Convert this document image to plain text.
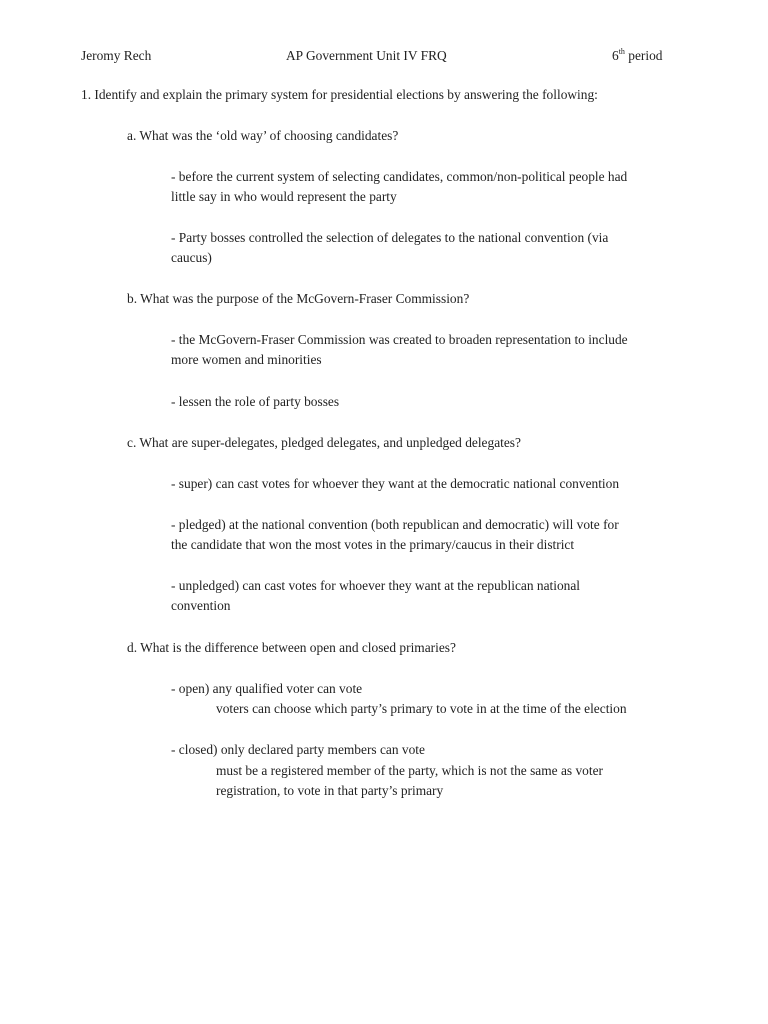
Jeromy Rech	AP Government Unit IV FRQ	6th period
1. Identify and explain the primary system for presidential elections by answering the following:
a. What was the ‘old way’ of choosing candidates?
- before the current system of selecting candidates, common/non-political people had
little say in who would represent the party
- Party bosses controlled the selection of delegates to the national convention (via
caucus)
b. What was the purpose of the McGovern-Fraser Commission?
- the McGovern-Fraser Commission was created to broaden representation to include
more women and minorities
- lessen the role of party bosses
c. What are super-delegates, pledged delegates, and unpledged delegates?
- super) can cast votes for whoever they want at the democratic national convention
- pledged) at the national convention (both republican and democratic) will vote for
the candidate that won the most votes in the primary/caucus in their district
- unpledged) can cast votes for whoever they want at the republican national
convention
d. What is the difference between open and closed primaries?
- open) any qualified voter can vote
voters can choose which party’s primary to vote in at the time of the election
- closed) only declared party members can vote
must be a registered member of the party, which is not the same as voter
registration, to vote in that party’s primary
